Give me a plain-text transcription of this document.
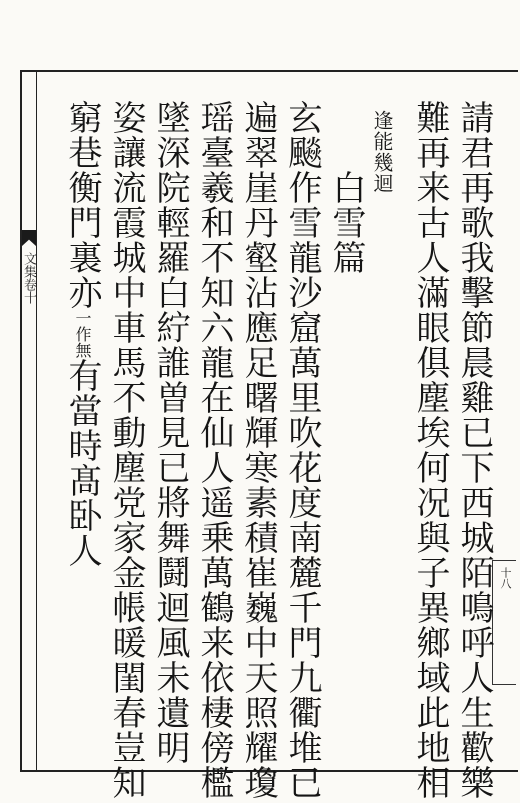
文集卷十
十八
請君再歌我擊節晨雞已下西城陌鳴呼人生歡樂
難再来古人滿眼俱塵埃何况與子異鄉域此地相
逢能幾迴
白雪篇
玄飈作雪龍沙窟萬里吹花度南麓千門九衢堆已
遍翠崖丹壑沾應足曙輝寒素積崔巍中天照耀瓊
瑶臺羲和不知六龍在仙人遥乗萬鶴来依棲傍檻
墜深院輕羅白紵誰曽見已將舞鬪迴風未遺明
姿讓流霞城中車馬不動塵党家金帳暖閨春豈知
窮巷衡門裏亦一作無有當時髙卧人
